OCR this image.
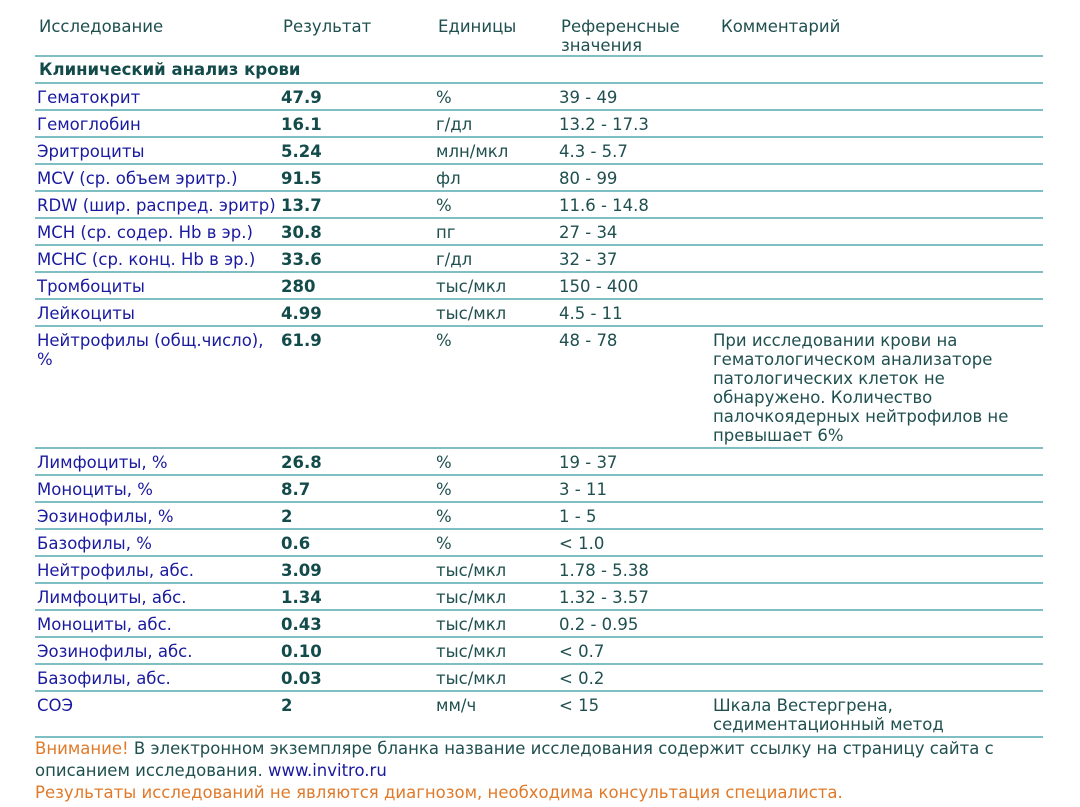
Исследование	Результат	Единицы	Референсные значения	Комментарий
Клинический анализ крови				
Гематокрит	47.9	%	39 - 49	
Гемоглобин	16.1	г/дл	13.2 - 17.3	
Эритроциты	5.24	млн/мкл	4.3 - 5.7	
MCV (ср. объем эритр.)	91.5	фл	80 - 99	
RDW (шир. распред. эритр)	13.7	%	11.6 - 14.8	
MCH (ср. содер. Hb в эр.)	30.8	пг	27 - 34	
MCHC (ср. конц. Hb в эр.)	33.6	г/дл	32 - 37	
Тромбоциты	280	тыс/мкл	150 - 400	
Лейкоциты	4.99	тыс/мкл	4.5 - 11	
Нейтрофилы (общ.число), %	61.9	%	48 - 78	При исследовании крови на гематологическом анализаторе патологических клеток не обнаружено. Количество палочкоядерных нейтрофилов не превышает 6%
Лимфоциты, %	26.8	%	19 - 37	
Моноциты, %	8.7	%	3 - 11	
Эозинофилы, %	2	%	1 - 5	
Базофилы, %	0.6	%	< 1.0	
Нейтрофилы, абс.	3.09	тыс/мкл	1.78 - 5.38	
Лимфоциты, абс.	1.34	тыс/мкл	1.32 - 3.57	
Моноциты, абс.	0.43	тыс/мкл	0.2 - 0.95	
Эозинофилы, абс.	0.10	тыс/мкл	< 0.7	
Базофилы, абс.	0.03	тыс/мкл	< 0.2	
СОЭ	2	мм/ч	< 15	Шкала Вестергрена, седиментационный метод
Внимание! В электронном экземпляре бланка название исследования содержит ссылку на страницу сайта с описанием исследования. www.invitro.ru
Результаты исследований не являются диагнозом, необходима консультация специалиста.
